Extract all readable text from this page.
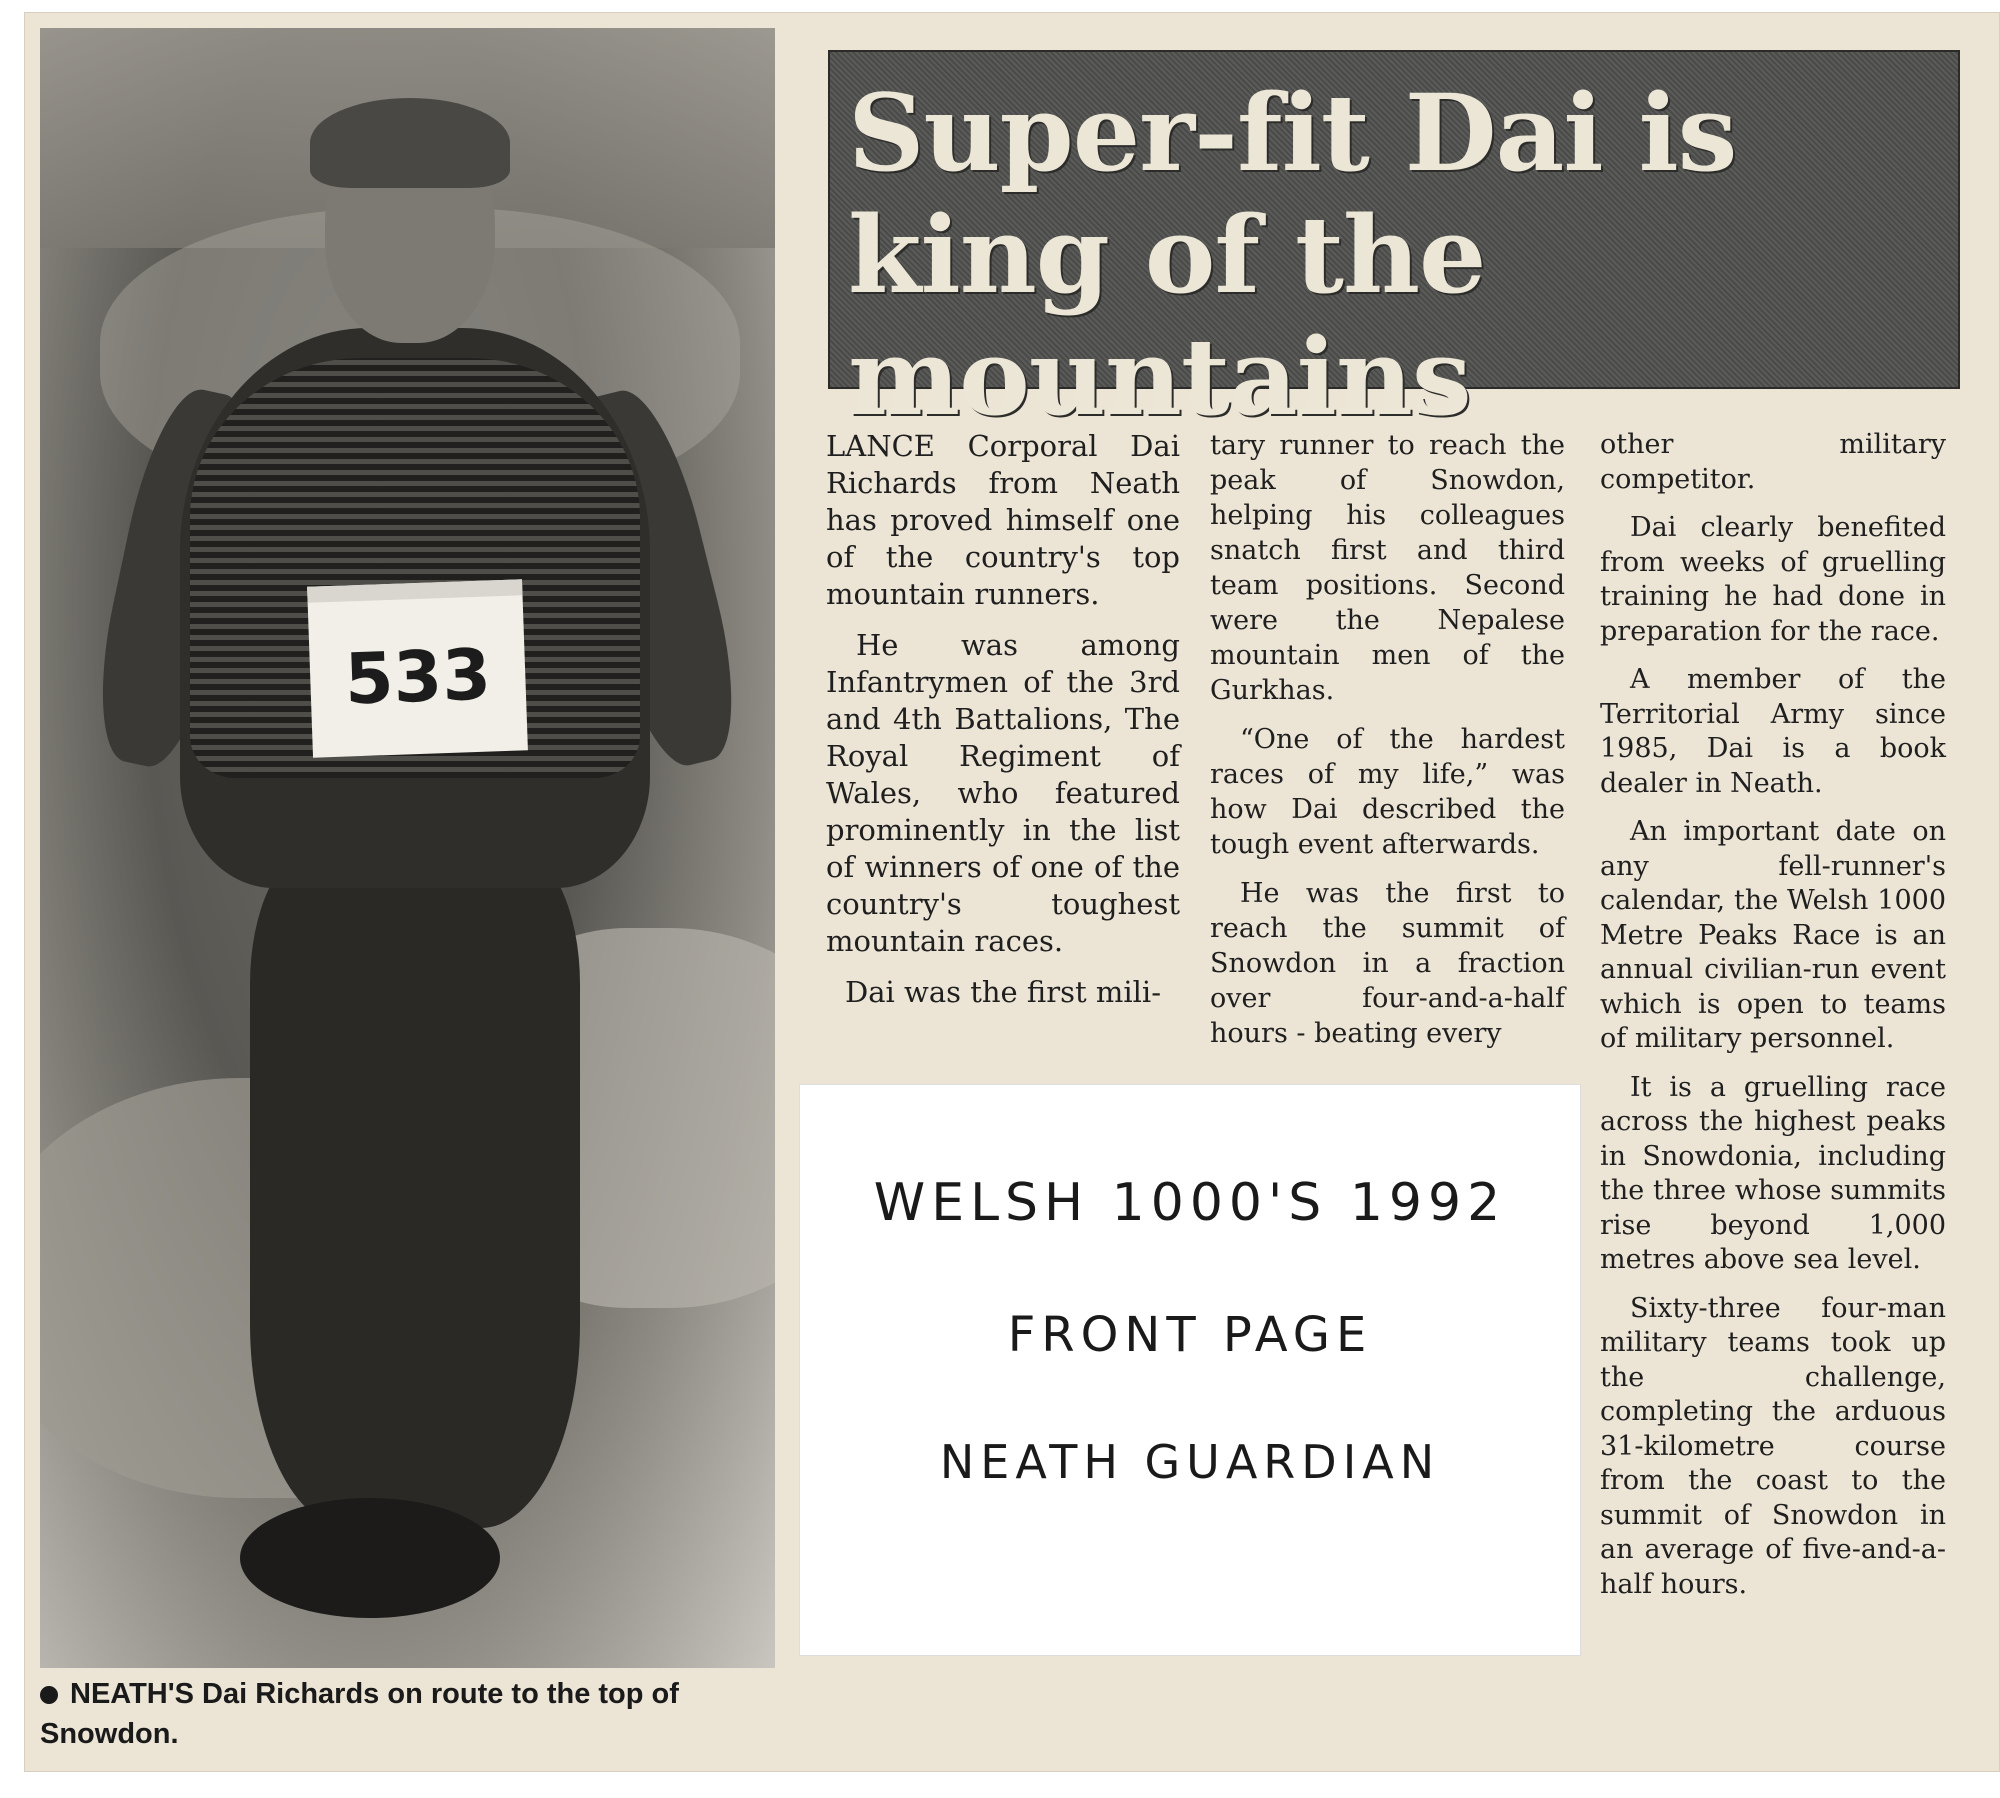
533
NEATH'S Dai Richards on route to the top of Snowdon.
Super-fit Dai is
king of the mountains

LANCE Corporal Dai Richards from Neath has proved himself one of the country's top mountain runners.

He was among Infantrymen of the 3rd and 4th Battalions, The Royal Regiment of Wales, who featured prominently in the list of winners of one of the country's toughest mountain races.

Dai was the first mili-

tary runner to reach the peak of Snowdon, helping his colleagues snatch first and third team positions. Second were the Nepalese mountain men of the Gurkhas.

“One of the hardest races of my life,” was how Dai described the tough event afterwards.

He was the first to reach the summit of Snowdon in a fraction over four-and-a-half hours - beating every

other military competitor.

Dai clearly benefited from weeks of gruelling training he had done in preparation for the race.

A member of the Territorial Army since 1985, Dai is a book dealer in Neath.

An important date on any fell-runner's calendar, the Welsh 1000 Metre Peaks Race is an annual civilian-run event which is open to teams of military personnel.

It is a gruelling race across the highest peaks in Snowdonia, including the three whose summits rise beyond 1,000 metres above sea level.

Sixty-three four-man military teams took up the challenge, completing the arduous 31-kilometre course from the coast to the summit of Snowdon in an average of five-and-a-half hours.

WELSH 1000'S 1992
FRONT PAGE
NEATH GUARDIAN
